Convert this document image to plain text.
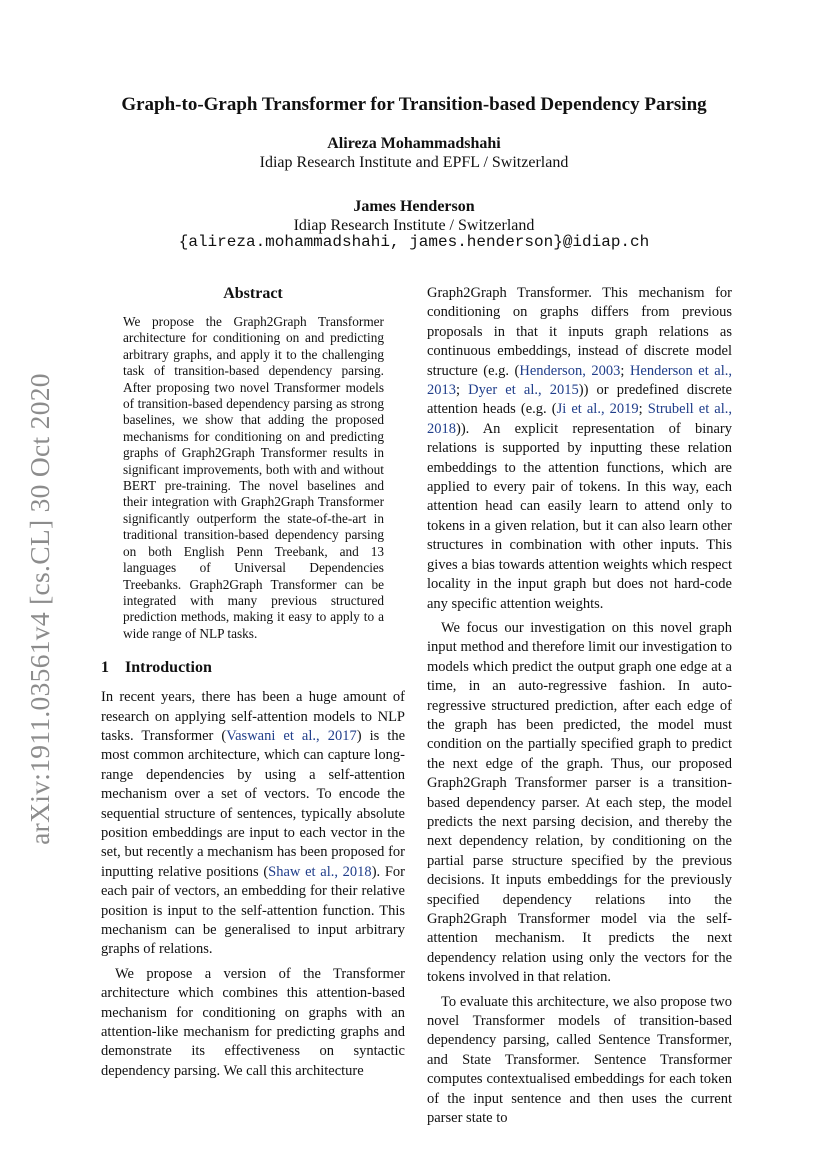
arXiv:1911.03561v4 [cs.CL] 30 Oct 2020
Graph-to-Graph Transformer for Transition-based Dependency Parsing
Alireza Mohammadshahi
Idiap Research Institute and EPFL / Switzerland
James Henderson
Idiap Research Institute / Switzerland
{alireza.mohammadshahi, james.henderson}@idiap.ch
Abstract
We propose the Graph2Graph Transformer architecture for conditioning on and predicting arbitrary graphs, and apply it to the challenging task of transition-based dependency parsing. After proposing two novel Transformer models of transition-based dependency parsing as strong baselines, we show that adding the proposed mechanisms for conditioning on and predicting graphs of Graph2Graph Transformer results in significant improvements, both with and without BERT pre-training. The novel baselines and their integration with Graph2Graph Transformer significantly outperform the state-of-the-art in traditional transition-based dependency parsing on both English Penn Treebank, and 13 languages of Universal Dependencies Treebanks. Graph2Graph Transformer can be integrated with many previous structured prediction methods, making it easy to apply to a wide range of NLP tasks.
1 Introduction

In recent years, there has been a huge amount of research on applying self-attention models to NLP tasks. Transformer (Vaswani et al., 2017) is the most common architecture, which can capture long-range dependencies by using a self-attention mechanism over a set of vectors. To encode the sequential structure of sentences, typically absolute position embeddings are input to each vector in the set, but recently a mechanism has been proposed for inputting relative positions (Shaw et al., 2018). For each pair of vectors, an embedding for their relative position is input to the self-attention function. This mechanism can be generalised to input arbitrary graphs of relations.

We propose a version of the Transformer architecture which combines this attention-based mechanism for conditioning on graphs with an attention-like mechanism for predicting graphs and demonstrate its effectiveness on syntactic dependency parsing. We call this architecture

Graph2Graph Transformer. This mechanism for conditioning on graphs differs from previous proposals in that it inputs graph relations as continuous embeddings, instead of discrete model structure (e.g. (Henderson, 2003; Henderson et al., 2013; Dyer et al., 2015)) or predefined discrete attention heads (e.g. (Ji et al., 2019; Strubell et al., 2018)). An explicit representation of binary relations is supported by inputting these relation embeddings to the attention functions, which are applied to every pair of tokens. In this way, each attention head can easily learn to attend only to tokens in a given relation, but it can also learn other structures in combination with other inputs. This gives a bias towards attention weights which respect locality in the input graph but does not hard-code any specific attention weights.

We focus our investigation on this novel graph input method and therefore limit our investigation to models which predict the output graph one edge at a time, in an auto-regressive fashion. In auto-regressive structured prediction, after each edge of the graph has been predicted, the model must condition on the partially specified graph to predict the next edge of the graph. Thus, our proposed Graph2Graph Transformer parser is a transition-based dependency parser. At each step, the model predicts the next parsing decision, and thereby the next dependency relation, by conditioning on the partial parse structure specified by the previous decisions. It inputs embeddings for the previously specified dependency relations into the Graph2Graph Transformer model via the self-attention mechanism. It predicts the next dependency relation using only the vectors for the tokens involved in that relation.

To evaluate this architecture, we also propose two novel Transformer models of transition-based dependency parsing, called Sentence Transformer, and State Transformer. Sentence Transformer computes contextualised embeddings for each token of the input sentence and then uses the current parser state to
